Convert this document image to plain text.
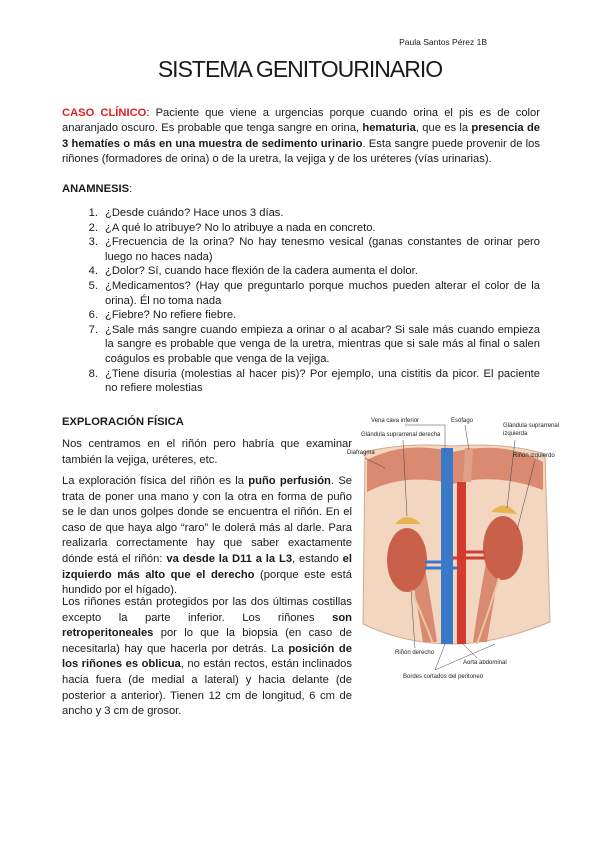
Paula Santos Pérez 1B
SISTEMA GENITOURINARIO

CASO CLÍNICO: Paciente que viene a urgencias porque cuando orina el pis es de color anaranjado oscuro. Es probable que tenga sangre en orina, hematuria, que es la presencia de 3 hematíes o más en una muestra de sedimento urinario. Esta sangre puede provenir de los riñones (formadores de orina) o de la uretra, la vejiga y de los uréteres (vías urinarias).

ANAMNESIS:

1. ¿Desde cuándo? Hace unos 3 días.
2. ¿A qué lo atribuye? No lo atribuye a nada en concreto.
3. ¿Frecuencia de la orina? No hay tenesmo vesical (ganas constantes de orinar pero luego no haces nada)
4. ¿Dolor? Sí, cuando hace flexión de la cadera aumenta el dolor.
5. ¿Medicamentos? (Hay que preguntarlo porque muchos pueden alterar el color de la orina). Él no toma nada
6. ¿Fiebre? No refiere fiebre.
7. ¿Sale más sangre cuando empieza a orinar o al acabar? Si sale más cuando empieza la sangre es probable que venga de la uretra, mientras que si sale más al final o salen coágulos es probable que venga de la vejiga.
8. ¿Tiene disuria (molestias al hacer pis)? Por ejemplo, una cistitis da picor. El paciente no refiere molestias

EXPLORACIÓN FÍSICA

Nos centramos en el riñón pero habría que examinar también la vejiga, uréteres, etc.

La exploración física del riñón es la puño perfusión. Se trata de poner una mano y con la otra en forma de puño se le dan unos golpes donde se encuentra el riñón. En el caso de que haya algo “raro” le dolerá más al darle. Para realizarla correctamente hay que saber exactamente dónde está el riñón: va desde la D11 a la L3, estando el izquierdo más alto que el derecho (porque este está hundido por el hígado).

Los riñones están protegidos por las dos últimas costillas excepto la parte inferior. Los riñones son retroperitoneales por lo que la biopsia (en caso de necesitarla) hay que hacerla por detrás. La posición de los riñones es oblicua, no están rectos, están inclinados hacia fuera (de medial a lateral) y hacia delante (de posterior a anterior). Tienen 12 cm de longitud, 6 cm de ancho y 3 cm de grosor.

Vena cava inferior	Esófago
Glándula suprarrenal derecha
Glándula suprarrenal
izquierda
Diafragma	Riñón izquierdo
Riñón derecho
Aorta abdominal
Bordes cortados del peritoneo
